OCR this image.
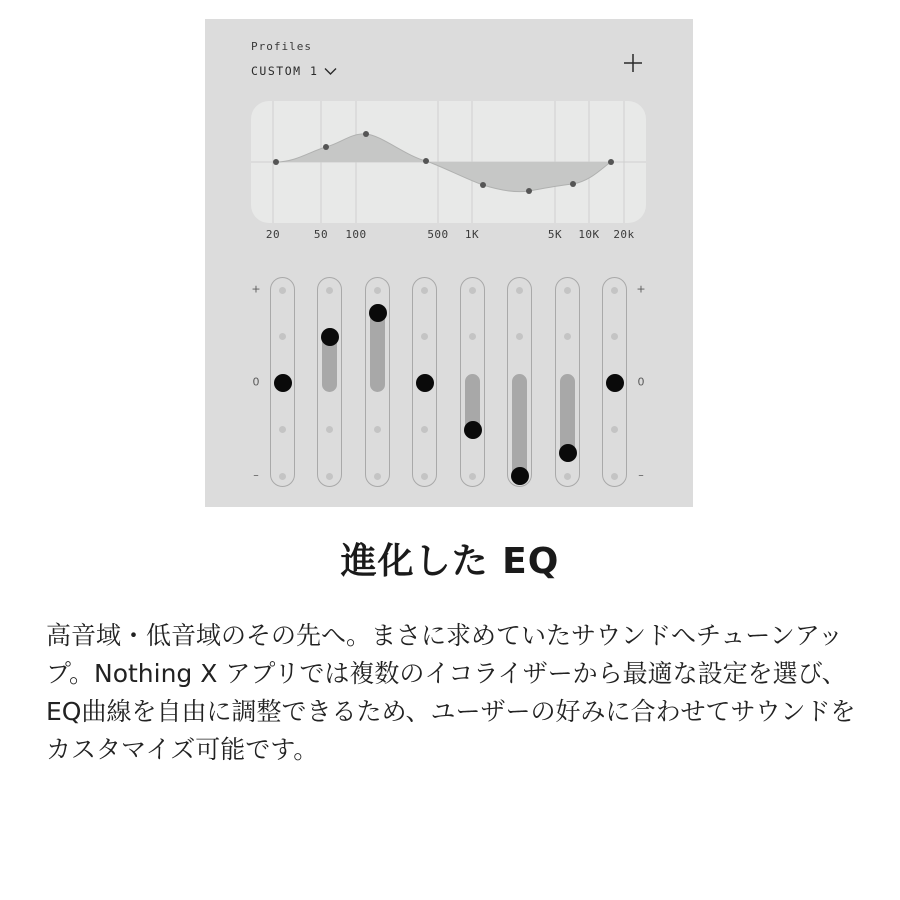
Profiles
CUSTOM 1
20	50 100	500 1K	5K 10K 20k
+
0
–
+
0
–
進化した EQ

高音域・低音域のその先へ。まさに求めていたサウンドへチューンアップ。Nothing X アプリでは複数のイコライザーから最適な設定を選び、EQ曲線を自由に調整できるため、ユーザーの好みに合わせてサウンドをカスタマイズ可能です。
